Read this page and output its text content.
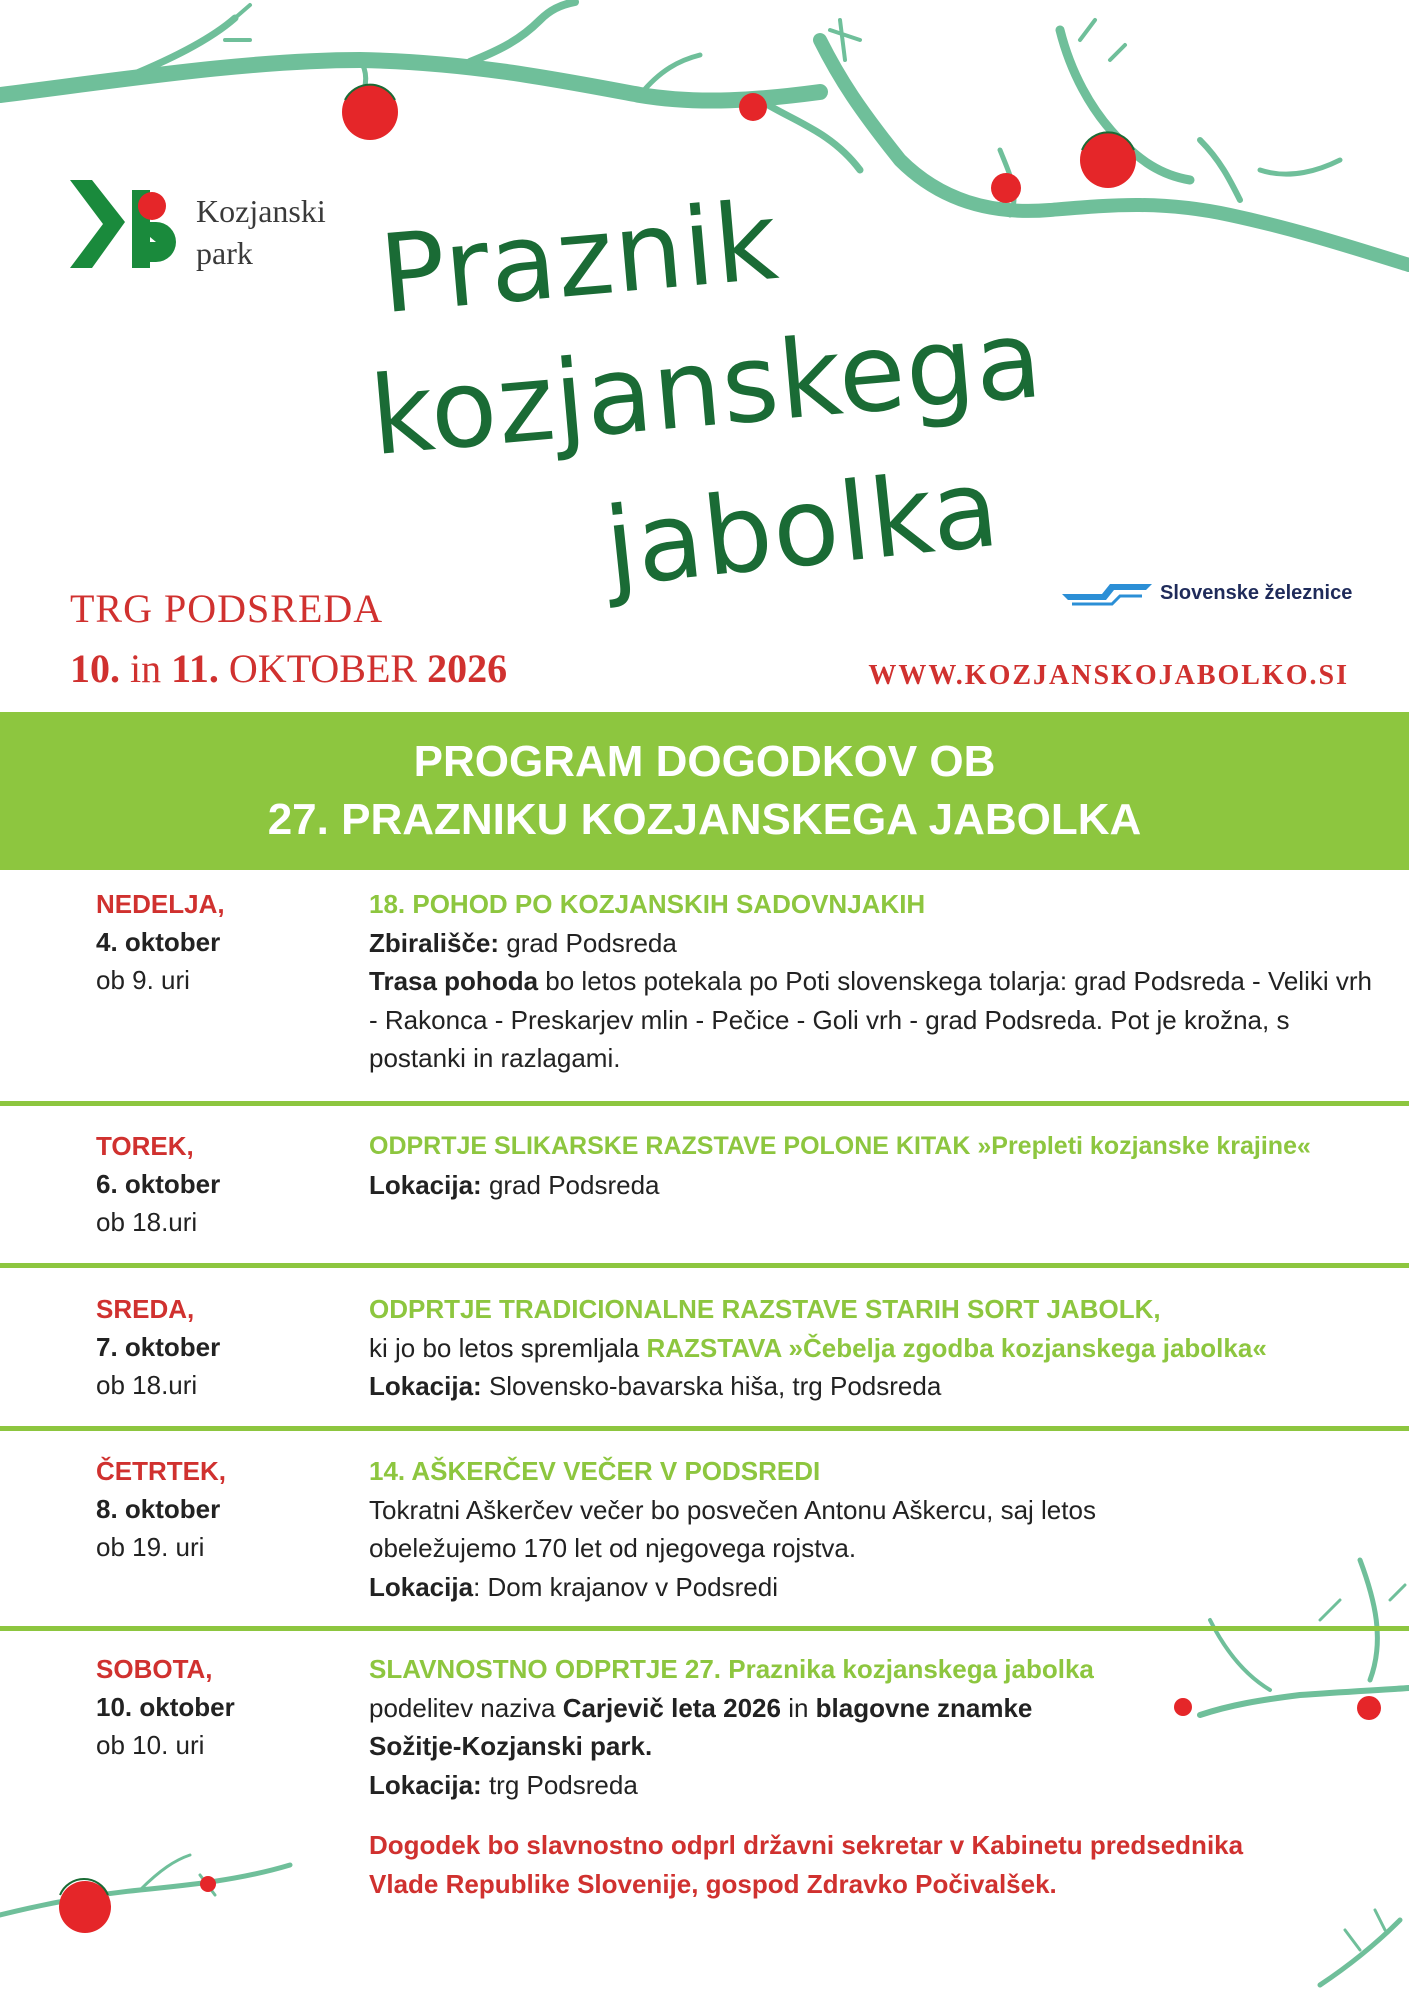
Kozjanski
park	Praznik
kozjanskega
jabolka	Slovenske železnice
TRG PODSREDA
10. in 11. OKTOBER 2026	WWW.KOZJANSKOJABOLKO.SI
PROGRAM DOGODKOV OB
27. PRAZNIKU KOZJANSKEGA JABOLKA
NEDELJA,
4. oktober
ob 9. uri

18. POHOD PO KOZJANSKIH SADOVNJAKIH

Zbirališče: grad Podsreda

Trasa pohoda bo letos potekala po Poti slovenskega tolarja: grad Podsreda - Veliki vrh - Rakonca - Preskarjev mlin - Pečice - Goli vrh - grad Podsreda. Pot je krožna, s postanki in razlagami.

TOREK,
6. oktober
ob 18.uri

ODPRTJE SLIKARSKE RAZSTAVE POLONE KITAK »Prepleti kozjanske krajine«

Lokacija: grad Podsreda

SREDA,
7. oktober
ob 18.uri

ODPRTJE TRADICIONALNE RAZSTAVE STARIH SORT JABOLK,

ki jo bo letos spremljala RAZSTAVA »Čebelja zgodba kozjanskega jabolka«

Lokacija: Slovensko-bavarska hiša, trg Podsreda

ČETRTEK,
8. oktober
ob 19. uri

14. AŠKERČEV VEČER V PODSREDI

Tokratni Aškerčev večer bo posvečen Antonu Aškercu, saj letos obeležujemo 170 let od njegovega rojstva.

Lokacija: Dom krajanov v Podsredi

SOBOTA,
10. oktober
ob 10. uri

SLAVNOSTNO ODPRTJE 27. Praznika kozjanskega jabolka

podelitev naziva Carjevič leta 2026 in blagovne znamke Sožitje-Kozjanski park.

Lokacija: trg Podsreda

Dogodek bo slavnostno odprl državni sekretar v Kabinetu predsednika Vlade Republike Slovenije, gospod Zdravko Počivalšek.
